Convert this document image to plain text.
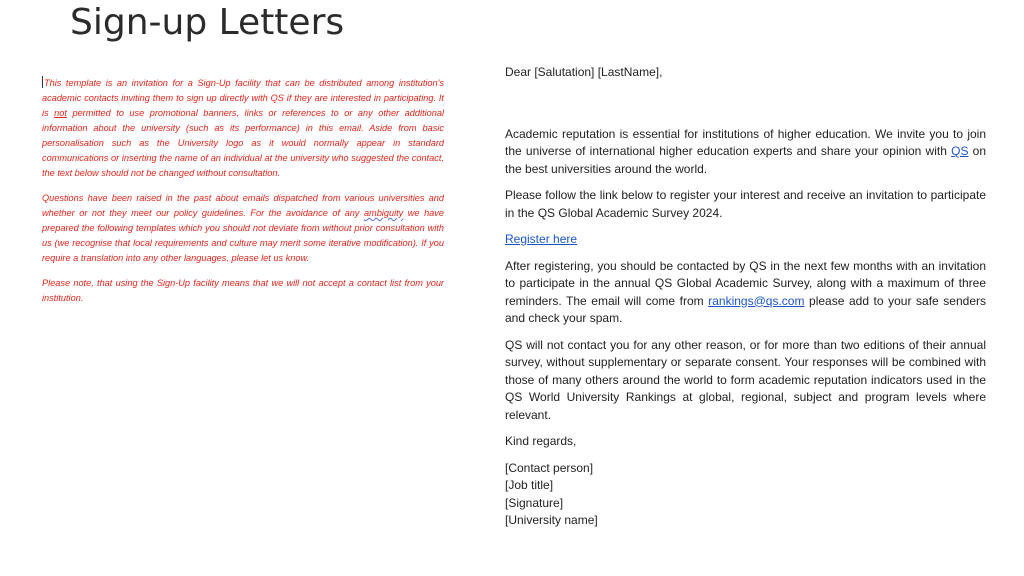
Sign-up Letters

This template is an invitation for a Sign-Up facility that can be distributed among institution's academic contacts inviting them to sign up directly with QS if they are interested in participating. It is not permitted to use promotional banners, links or references to or any other additional information about the university (such as its performance) in this email. Aside from basic personalisation such as the University logo as it would normally appear in standard communications or inserting the name of an individual at the university who suggested the contact, the text below should not be changed without consultation.

Questions have been raised in the past about emails dispatched from various universities and whether or not they meet our policy guidelines. For the avoidance of any ambiguity we have prepared the following templates which you should not deviate from without prior consultation with us (we recognise that local requirements and culture may merit some iterative modification). If you require a translation into any other languages, please let us know.

Please note, that using the Sign-Up facility means that we will not accept a contact list from your institution.

Dear [Salutation] [LastName],

Academic reputation is essential for institutions of higher education. We invite you to join the universe of international higher education experts and share your opinion with QS on the best universities around the world.

Please follow the link below to register your interest and receive an invitation to participate in the QS Global Academic Survey 2024.

Register here

After registering, you should be contacted by QS in the next few months with an invitation to participate in the annual QS Global Academic Survey, along with a maximum of three reminders. The email will come from rankings@qs.com please add to your safe senders and check your spam.

QS will not contact you for any other reason, or for more than two editions of their annual survey, without supplementary or separate consent. Your responses will be combined with those of many others around the world to form academic reputation indicators used in the QS World University Rankings at global, regional, subject and program levels where relevant.

Kind regards,

[Contact person]
[Job title]
[Signature]
[University name]
